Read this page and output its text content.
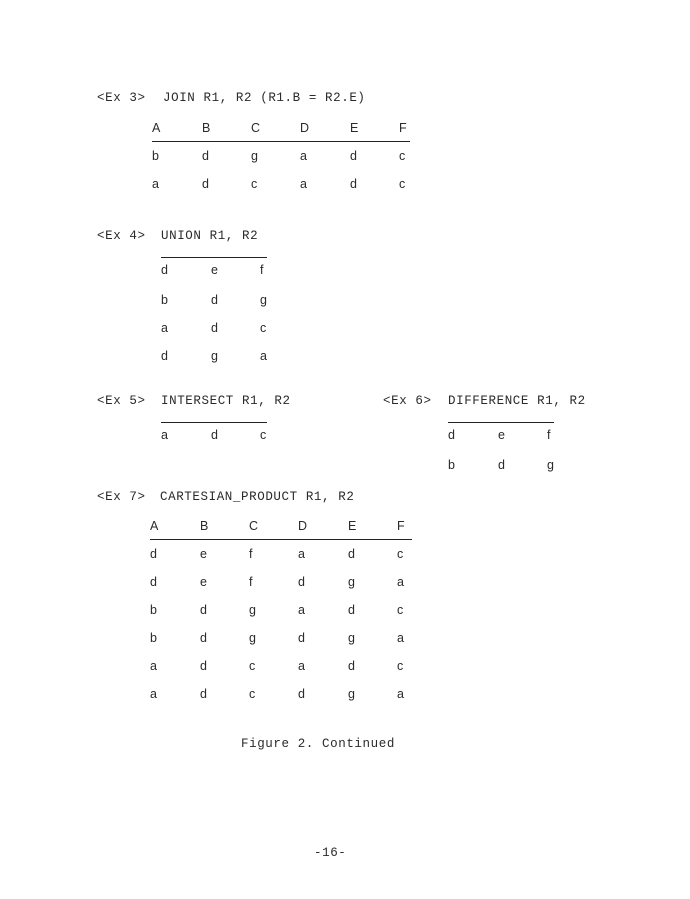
<Ex 3> JOIN R1, R2 (R1.B = R2.E)
A	B	C	D	E	F
b	d	g	a	d	c
a	d	c	a	d	c
<Ex 4> UNION R1, R2
d	e	f
b	d	g
a	d	c
d	g	a
<Ex 5> INTERSECT R1, R2
a	d	c
<Ex 6> DIFFERENCE R1, R2
d	e	f
b	d	g
<Ex 7> CARTESIAN_PRODUCT R1, R2
A	B	C	D	E	F
d	e	f	a	d	c
d	e	f	d	g	a
b	d	g	a	d	c
b	d	g	d	g	a
a	d	c	a	d	c
a	d	c	d	g	a
Figure 2. Continued
-16-
